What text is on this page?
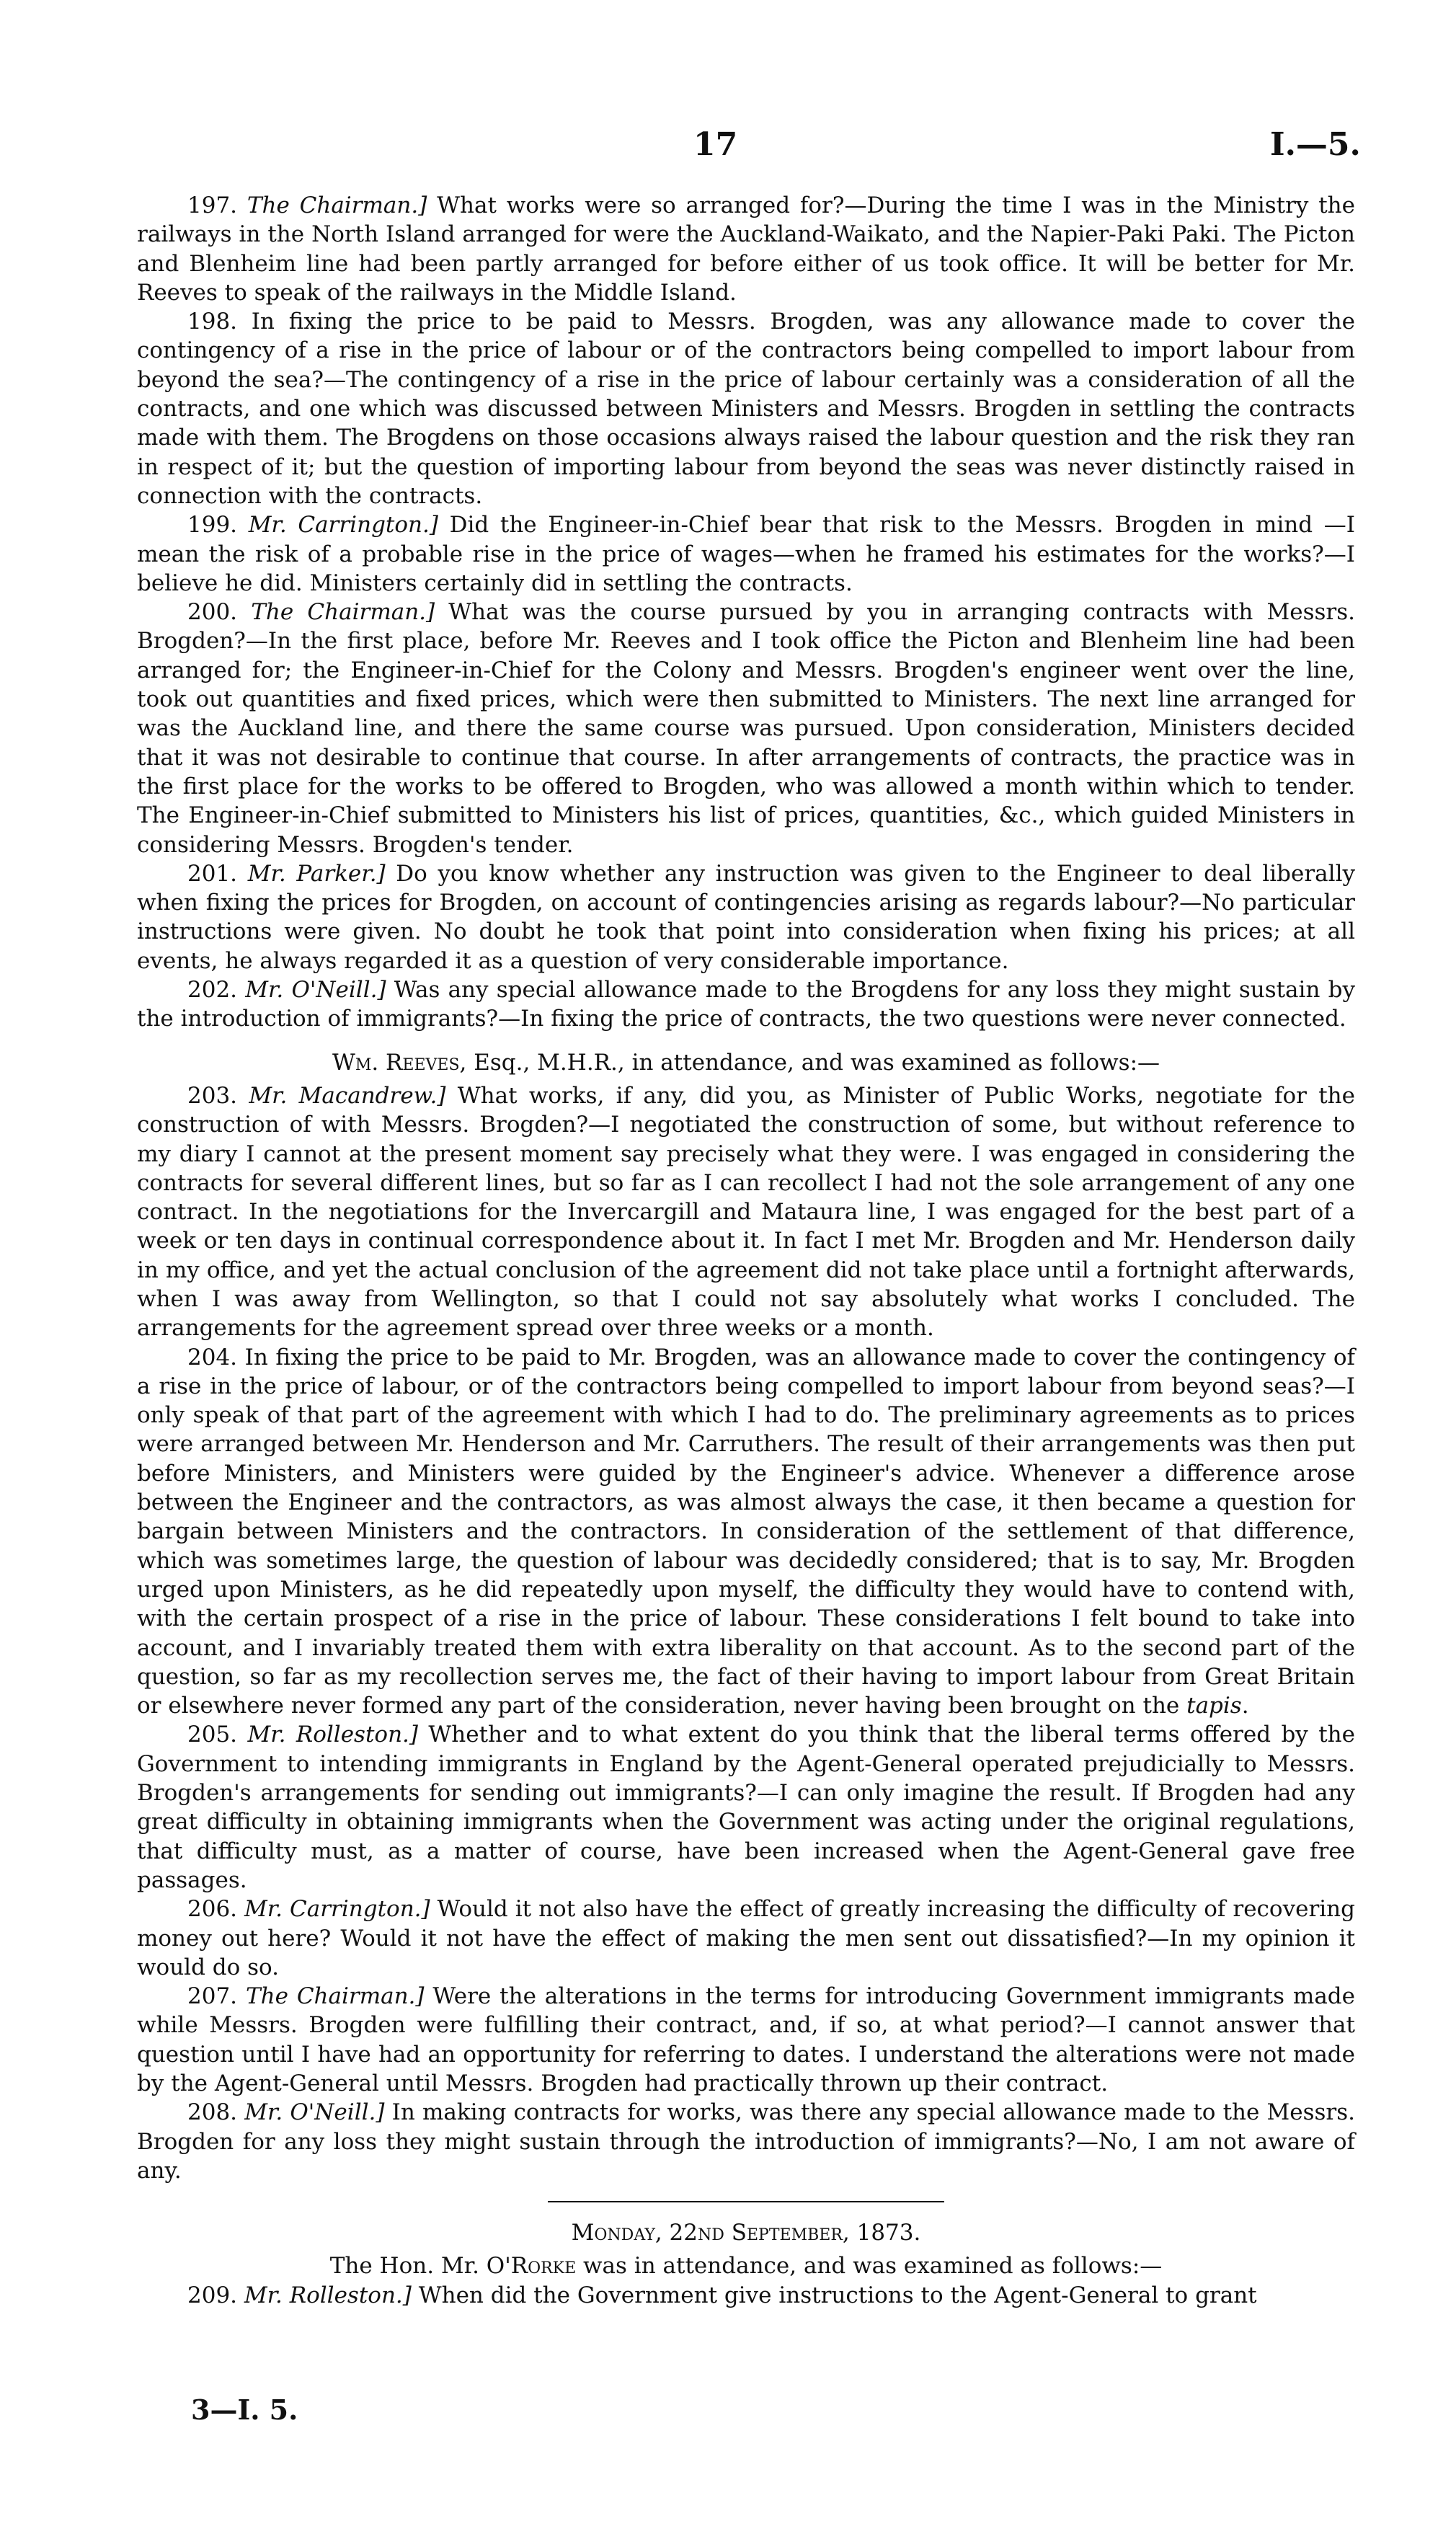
17	I.—5.

197. The Chairman.] What works were so arranged for?—During the time I was in the Ministry the railways in the North Island arranged for were the Auckland-Waikato, and the Napier-Paki Paki. The Picton and Blenheim line had been partly arranged for before either of us took office. It will be better for Mr. Reeves to speak of the railways in the Middle Island.

198. In fixing the price to be paid to Messrs. Brogden, was any allowance made to cover the contingency of a rise in the price of labour or of the contractors being compelled to import labour from beyond the sea?—The contingency of a rise in the price of labour certainly was a consideration of all the contracts, and one which was discussed between Ministers and Messrs. Brogden in settling the contracts made with them. The Brogdens on those occasions always raised the labour question and the risk they ran in respect of it; but the question of importing labour from beyond the seas was never distinctly raised in connection with the contracts.

199. Mr. Carrington.] Did the Engineer-in-Chief bear that risk to the Messrs. Brogden in mind —I mean the risk of a probable rise in the price of wages—when he framed his estimates for the works?—I believe he did. Ministers certainly did in settling the contracts.

200. The Chairman.] What was the course pursued by you in arranging contracts with Messrs. Brogden?—In the first place, before Mr. Reeves and I took office the Picton and Blenheim line had been arranged for; the Engineer-in-Chief for the Colony and Messrs. Brogden's engineer went over the line, took out quantities and fixed prices, which were then submitted to Ministers. The next line arranged for was the Auckland line, and there the same course was pursued. Upon consideration, Ministers decided that it was not desirable to continue that course. In after arrangements of contracts, the practice was in the first place for the works to be offered to Brogden, who was allowed a month within which to tender. The Engineer-in-Chief submitted to Ministers his list of prices, quantities, &c., which guided Ministers in considering Messrs. Brogden's tender.

201. Mr. Parker.] Do you know whether any instruction was given to the Engineer to deal liberally when fixing the prices for Brogden, on account of contingencies arising as regards labour?—No particular instructions were given. No doubt he took that point into consideration when fixing his prices; at all events, he always regarded it as a question of very considerable importance.

202. Mr. O'Neill.] Was any special allowance made to the Brogdens for any loss they might sustain by the introduction of immigrants?—In fixing the price of contracts, the two questions were never connected.

Wm. Reeves, Esq., M.H.R., in attendance, and was examined as follows:—

203. Mr. Macandrew.] What works, if any, did you, as Minister of Public Works, negotiate for the construction of with Messrs. Brogden?—I negotiated the construction of some, but without reference to my diary I cannot at the present moment say precisely what they were. I was engaged in considering the contracts for several different lines, but so far as I can recollect I had not the sole arrangement of any one contract. In the negotiations for the Invercargill and Mataura line, I was engaged for the best part of a week or ten days in continual correspondence about it. In fact I met Mr. Brogden and Mr. Henderson daily in my office, and yet the actual conclusion of the agreement did not take place until a fortnight afterwards, when I was away from Wellington, so that I could not say absolutely what works I concluded. The arrangements for the agreement spread over three weeks or a month.

204. In fixing the price to be paid to Mr. Brogden, was an allowance made to cover the contingency of a rise in the price of labour, or of the contractors being compelled to import labour from beyond seas?—I only speak of that part of the agreement with which I had to do. The preliminary agreements as to prices were arranged between Mr. Henderson and Mr. Carruthers. The result of their arrangements was then put before Ministers, and Ministers were guided by the Engineer's advice. Whenever a difference arose between the Engineer and the contractors, as was almost always the case, it then became a question for bargain between Ministers and the contractors. In consideration of the settlement of that difference, which was sometimes large, the question of labour was decidedly considered; that is to say, Mr. Brogden urged upon Ministers, as he did repeatedly upon myself, the difficulty they would have to contend with, with the certain prospect of a rise in the price of labour. These considerations I felt bound to take into account, and I invariably treated them with extra liberality on that account. As to the second part of the question, so far as my recollection serves me, the fact of their having to import labour from Great Britain or elsewhere never formed any part of the consideration, never having been brought on the tapis.

205. Mr. Rolleston.] Whether and to what extent do you think that the liberal terms offered by the Government to intending immigrants in England by the Agent-General operated prejudicially to Messrs. Brogden's arrangements for sending out immigrants?—I can only imagine the result. If Brogden had any great difficulty in obtaining immigrants when the Government was acting under the original regulations, that difficulty must, as a matter of course, have been increased when the Agent-General gave free passages.

206. Mr. Carrington.] Would it not also have the effect of greatly increasing the difficulty of recovering money out here? Would it not have the effect of making the men sent out dissatisfied?—In my opinion it would do so.

207. The Chairman.] Were the alterations in the terms for introducing Government immigrants made while Messrs. Brogden were fulfilling their contract, and, if so, at what period?—I cannot answer that question until I have had an opportunity for referring to dates. I understand the alterations were not made by the Agent-General until Messrs. Brogden had practically thrown up their contract.

208. Mr. O'Neill.] In making contracts for works, was there any special allowance made to the Messrs. Brogden for any loss they might sustain through the introduction of immigrants?—No, I am not aware of any.

Monday, 22nd September, 1873.

The Hon. Mr. O'Rorke was in attendance, and was examined as follows:—

209. Mr. Rolleston.] When did the Government give instructions to the Agent-General to grant

3—I. 5.
